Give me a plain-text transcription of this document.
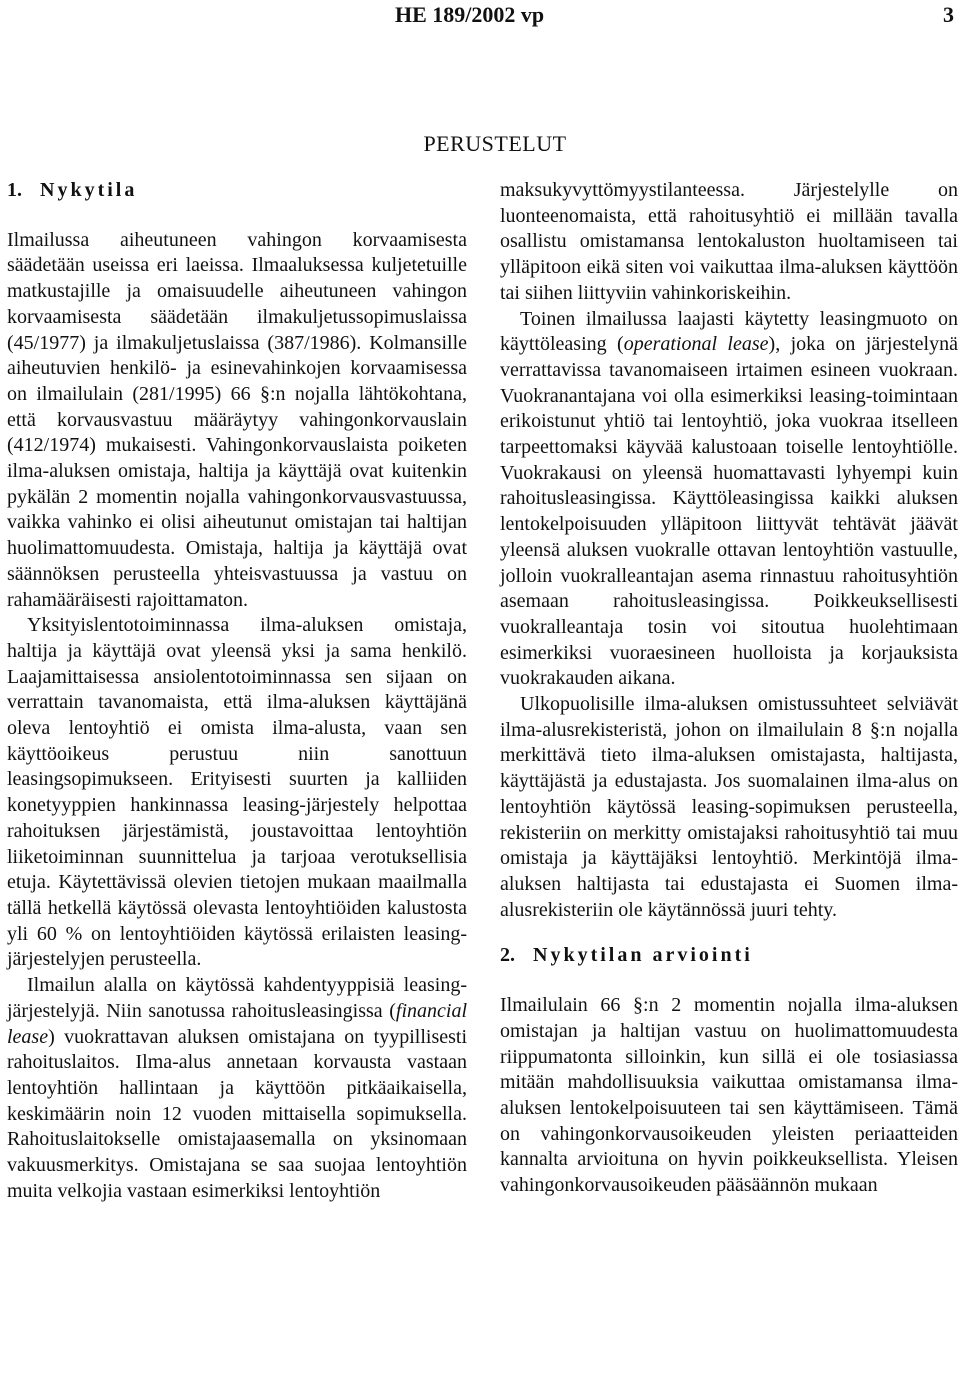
HE 189/2002 vp	3
PERUSTELUT
1. Nykytila

Ilmailussa aiheutuneen vahingon korvaamisesta säädetään useissa eri laeissa. Ilmaaluksessa kuljetetuille matkustajille ja omaisuudelle aiheutuneen vahingon korvaamisesta säädetään ilmakuljetussopimuslaissa (45/1977) ja ilmakuljetuslaissa (387/1986). Kolmansille aiheutuvien henkilö- ja esinevahinkojen korvaamisessa on ilmailulain (281/1995) 66 §:n nojalla lähtökohtana, että korvausvastuu määräytyy vahingonkorvauslain (412/1974) mukaisesti. Vahingonkorvauslaista poiketen ilma-aluksen omistaja, haltija ja käyttäjä ovat kuitenkin pykälän 2 momentin nojalla vahingonkorvausvastuussa, vaikka vahinko ei olisi aiheutunut omistajan tai haltijan huolimattomuudesta. Omistaja, haltija ja käyttäjä ovat säännöksen perusteella yhteisvastuussa ja vastuu on rahamääräisesti rajoittamaton.

Yksityislentotoiminnassa ilma-aluksen omistaja, haltija ja käyttäjä ovat yleensä yksi ja sama henkilö. Laajamittaisessa ansiolentotoiminnassa sen sijaan on verrattain tavanomaista, että ilma-aluksen käyttäjänä oleva lentoyhtiö ei omista ilma-alusta, vaan sen käyttöoikeus perustuu niin sanottuun leasingsopimukseen. Erityisesti suurten ja kalliiden konetyyppien hankinnassa leasing-järjestely helpottaa rahoituksen järjestämistä, joustavoittaa lentoyhtiön liiketoiminnan suunnittelua ja tarjoaa verotuksellisia etuja. Käytettävissä olevien tietojen mukaan maailmalla tällä hetkellä käytössä olevasta lentoyhtiöiden kalustosta yli 60 % on lentoyhtiöiden käytössä erilaisten leasing-järjestelyjen perusteella.

Ilmailun alalla on käytössä kahdentyyppisiä leasing-järjestelyjä. Niin sanotussa rahoitusleasingissa (financial lease) vuokrattavan aluksen omistajana on tyypillisesti rahoituslaitos. Ilma-alus annetaan korvausta vastaan lentoyhtiön hallintaan ja käyttöön pitkäaikaisella, keskimäärin noin 12 vuoden mittaisella sopimuksella. Rahoituslaitokselle omistajaasemalla on yksinomaan vakuusmerkitys. Omistajana se saa suojaa lentoyhtiön muita velkojia vastaan esimerkiksi lentoyhtiön

maksukyvyttömyystilanteessa. Järjestelylle on luonteenomaista, että rahoitusyhtiö ei millään tavalla osallistu omistamansa lentokaluston huoltamiseen tai ylläpitoon eikä siten voi vaikuttaa ilma-aluksen käyttöön tai siihen liittyviin vahinkoriskeihin.

Toinen ilmailussa laajasti käytetty leasingmuoto on käyttöleasing (operational lease), joka on järjestelynä verrattavissa tavanomaiseen irtaimen esineen vuokraan. Vuokranantajana voi olla esimerkiksi leasing-toimintaan erikoistunut yhtiö tai lentoyhtiö, joka vuokraa itselleen tarpeettomaksi käyvää kalustoaan toiselle lentoyhtiölle. Vuokrakausi on yleensä huomattavasti lyhyempi kuin rahoitusleasingissa. Käyttöleasingissa kaikki aluksen lentokelpoisuuden ylläpitoon liittyvät tehtävät jäävät yleensä aluksen vuokralle ottavan lentoyhtiön vastuulle, jolloin vuokralleantajan asema rinnastuu rahoitusyhtiön asemaan rahoitusleasingissa. Poikkeuksellisesti vuokralleantaja tosin voi sitoutua huolehtimaan esimerkiksi vuoraesineen huolloista ja korjauksista vuokrakauden aikana.

Ulkopuolisille ilma-aluksen omistussuhteet selviävät ilma-alusrekisteristä, johon on ilmailulain 8 §:n nojalla merkittävä tieto ilma-aluksen omistajasta, haltijasta, käyttäjästä ja edustajasta. Jos suomalainen ilma-alus on lentoyhtiön käytössä leasing-sopimuksen perusteella, rekisteriin on merkitty omistajaksi rahoitusyhtiö tai muu omistaja ja käyttäjäksi lentoyhtiö. Merkintöjä ilma-aluksen haltijasta tai edustajasta ei Suomen ilma-alusrekisteriin ole käytännössä juuri tehty.

2. Nykytilan arviointi

Ilmailulain 66 §:n 2 momentin nojalla ilma-aluksen omistajan ja haltijan vastuu on huolimattomuudesta riippumatonta silloinkin, kun sillä ei ole tosiasiassa mitään mahdollisuuksia vaikuttaa omistamansa ilma-aluksen lentokelpoisuuteen tai sen käyttämiseen. Tämä on vahingonkorvausoikeuden yleisten periaatteiden kannalta arvioituna on hyvin poikkeuksellista. Yleisen vahingonkorvausoikeuden pääsäännön mukaan
